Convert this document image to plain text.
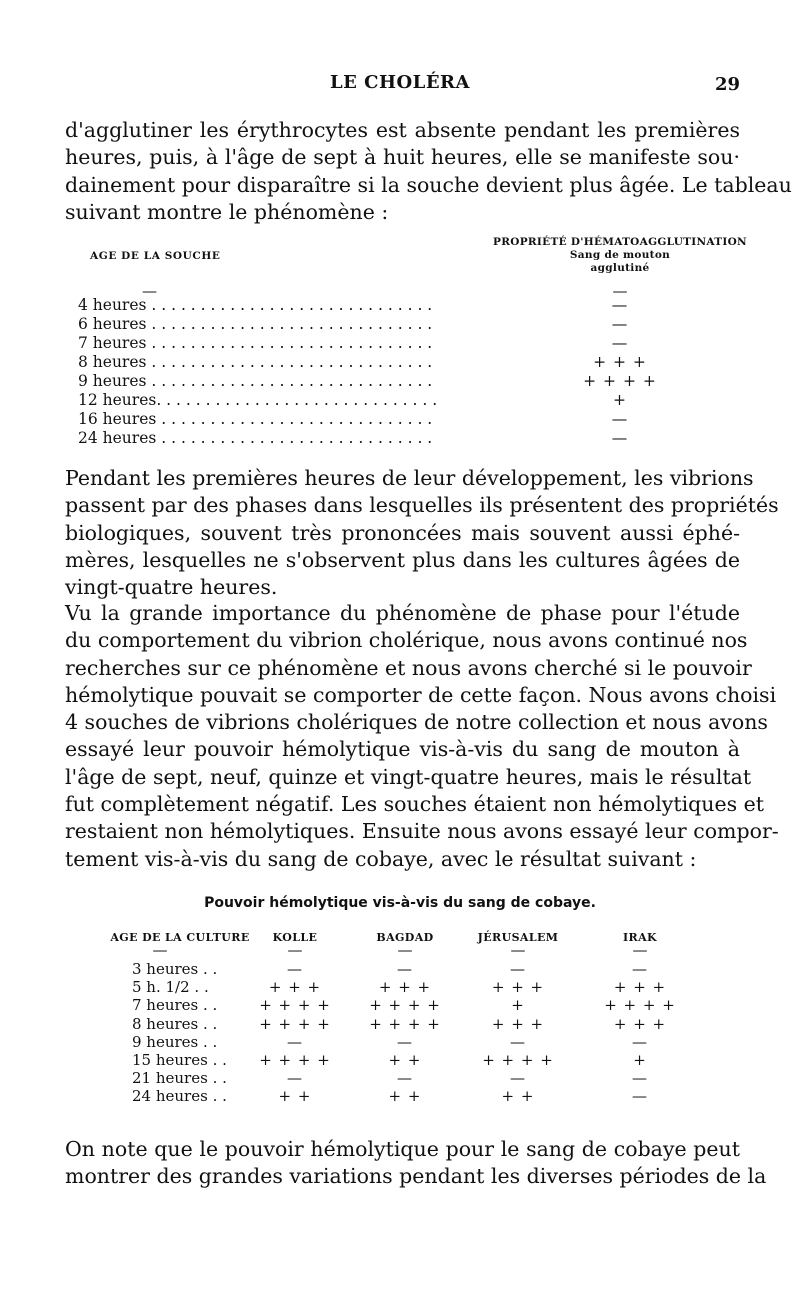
LE CHOLÉRA	29

d'agglutiner les érythrocytes est absente pendant les premières
heures, puis, à l'âge de sept à huit heures, elle se manifeste sou·
dainement pour disparaître si la souche devient plus âgée. Le tableau
suivant montre le phénomène :

AGE DE LA SOUCHE
PROPRIÉTÉ D'HÉMATOAGGLUTINATION
Sang de mouton
agglutiné
—	—
4 heures . . . . . . . . . . . . . . . . . . . . . . . . . . . . .	—
6 heures . . . . . . . . . . . . . . . . . . . . . . . . . . . . .	—
7 heures . . . . . . . . . . . . . . . . . . . . . . . . . . . . .	—
8 heures . . . . . . . . . . . . . . . . . . . . . . . . . . . . .	+ + +
9 heures . . . . . . . . . . . . . . . . . . . . . . . . . . . . .	+ + + +
12 heures. . . . . . . . . . . . . . . . . . . . . . . . . . . . .	+
16 heures . . . . . . . . . . . . . . . . . . . . . . . . . . . .	—
24 heures . . . . . . . . . . . . . . . . . . . . . . . . . . . .	—

Pendant les premières heures de leur développement, les vibrions
passent par des phases dans lesquelles ils présentent des propriétés
biologiques, souvent très prononcées mais souvent aussi éphé-
mères, lesquelles ne s'observent plus dans les cultures âgées de
vingt-quatre heures.

Vu la grande importance du phénomène de phase pour l'étude
du comportement du vibrion cholérique, nous avons continué nos
recherches sur ce phénomène et nous avons cherché si le pouvoir
hémolytique pouvait se comporter de cette façon. Nous avons choisi
4 souches de vibrions cholériques de notre collection et nous avons
essayé leur pouvoir hémolytique vis-à-vis du sang de mouton à
l'âge de sept, neuf, quinze et vingt-quatre heures, mais le résultat
fut complètement négatif. Les souches étaient non hémolytiques et
restaient non hémolytiques. Ensuite nous avons essayé leur compor-
tement vis-à-vis du sang de cobaye, avec le résultat suivant :

Pouvoir hémolytique vis-à-vis du sang de cobaye.
AGE DE LA CULTURE	KOLLE	BAGDAD	JÉRUSALEM	IRAK
—	—	—	—	—
3 heures . .	—	—	—	—
5 h. 1/2 . .	+ + +	+ + +	+ + +	+ + +
7 heures . .	+ + + +	+ + + +	+	+ + + +
8 heures . .	+ + + +	+ + + +	+ + +	+ + +
9 heures . .	—	—	—	—
15 heures . .	+ + + +	+ +	+ + + +	+
21 heures . .	—	—	—	—
24 heures . .	+ +	+ +	+ +	—

On note que le pouvoir hémolytique pour le sang de cobaye peut
montrer des grandes variations pendant les diverses périodes de la
